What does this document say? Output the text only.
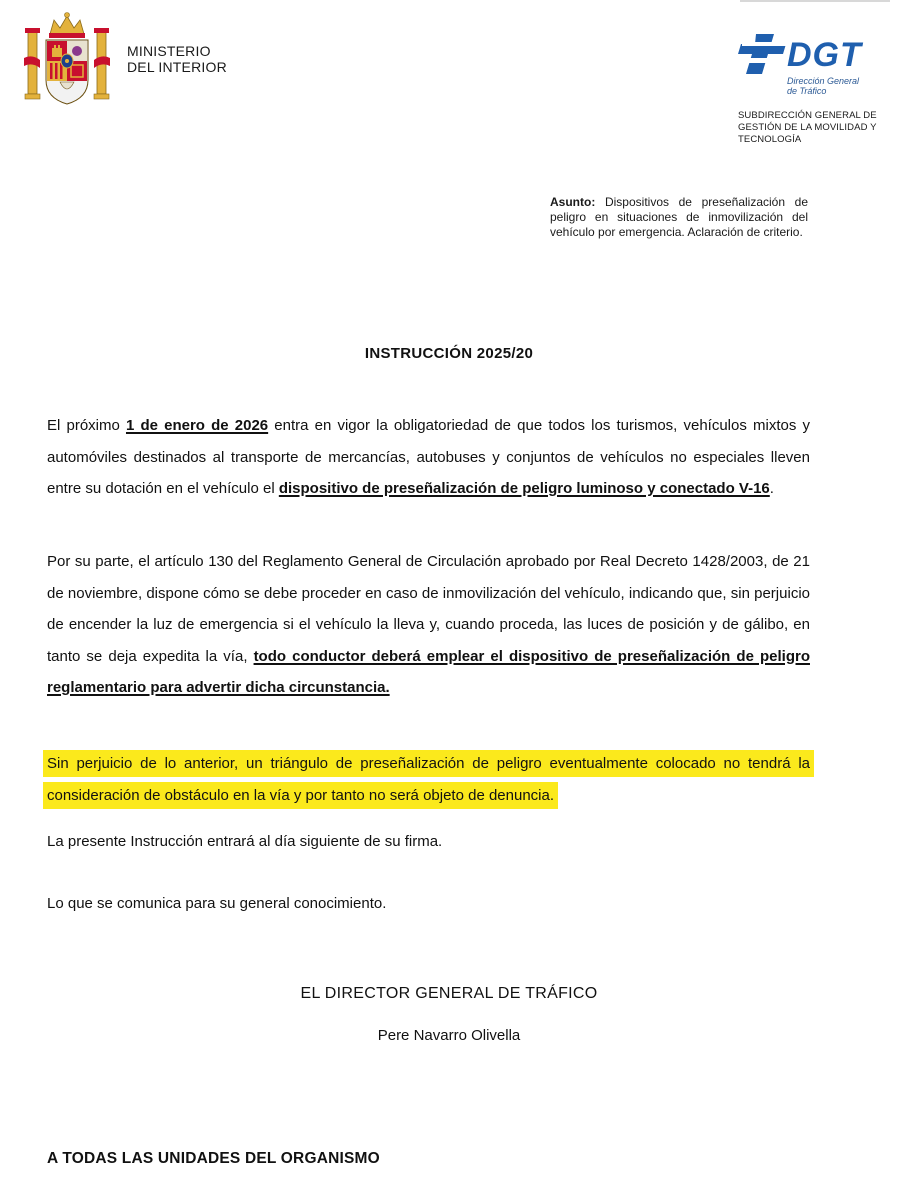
MINISTERIO
DEL INTERIOR	DGT
Dirección General
de Tráfico
SUBDIRECCIÓN GENERAL DE
GESTIÓN DE LA MOVILIDAD Y
TECNOLOGÍA
Asunto: Dispositivos de preseñalización de peligro en situaciones de inmovilización del vehículo por emergencia. Aclaración de criterio.
INSTRUCCIÓN 2025/20
El próximo 1 de enero de 2026 entra en vigor la obligatoriedad de que todos los turismos, vehículos mixtos y automóviles destinados al transporte de mercancías, autobuses y conjuntos de vehículos no especiales lleven entre su dotación en el vehículo el dispositivo de preseñalización de peligro luminoso y conectado V-16.
Por su parte, el artículo 130 del Reglamento General de Circulación aprobado por Real Decreto 1428/2003, de 21 de noviembre, dispone cómo se debe proceder en caso de inmovilización del vehículo, indicando que, sin perjuicio de encender la luz de emergencia si el vehículo la lleva y, cuando proceda, las luces de posición y de gálibo, en tanto se deja expedita la vía, todo conductor deberá emplear el dispositivo de preseñalización de peligro reglamentario para advertir dicha circunstancia.
Sin perjuicio de lo anterior, un triángulo de preseñalización de peligro eventualmente colocado no tendrá la consideración de obstáculo en la vía y por tanto no será objeto de denuncia.
La presente Instrucción entrará al día siguiente de su firma.
Lo que se comunica para su general conocimiento.
EL DIRECTOR GENERAL DE TRÁFICO
Pere Navarro Olivella
A TODAS LAS UNIDADES DEL ORGANISMO
